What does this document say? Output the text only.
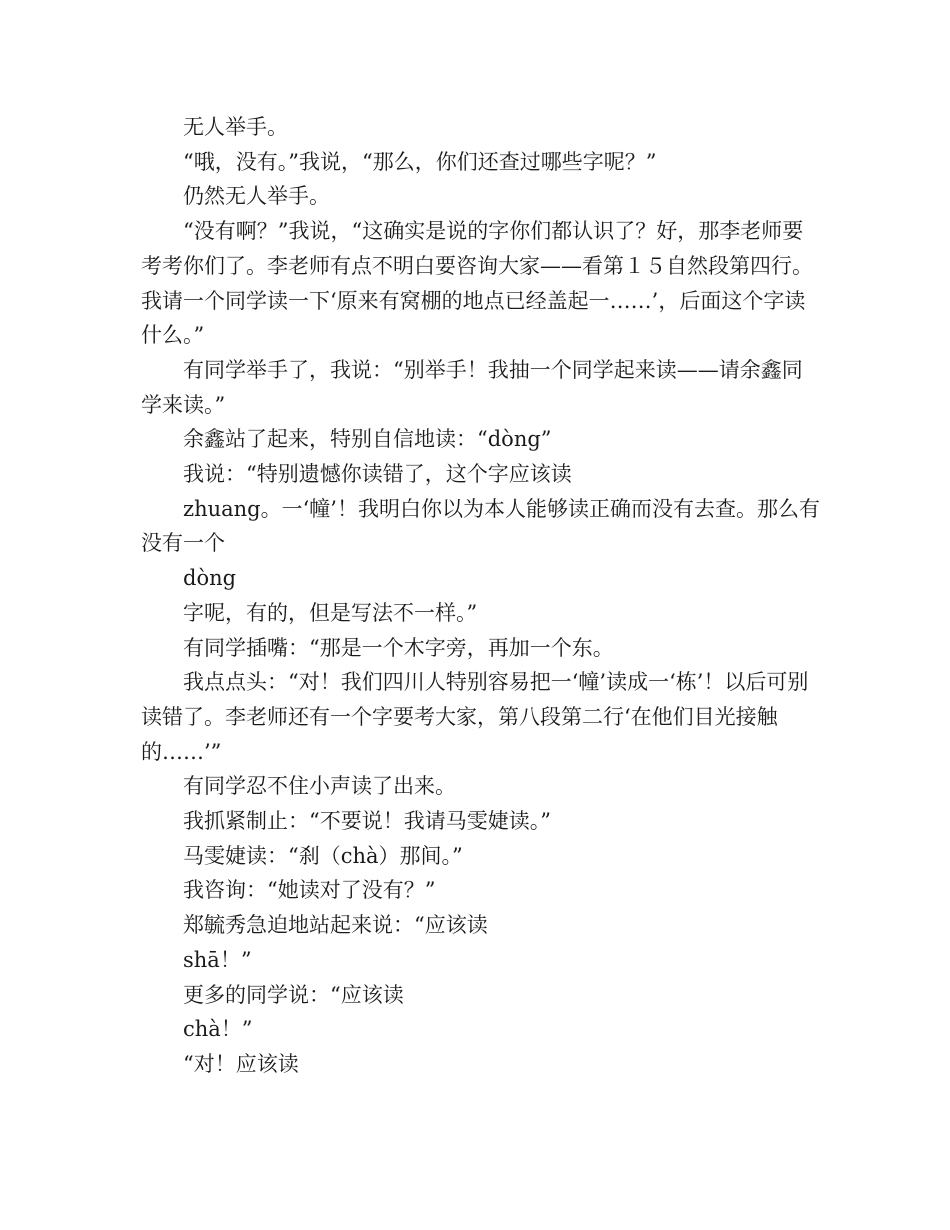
无人举手。

“哦，没有。”我说，“那么，你们还查过哪些字呢？”

仍然无人举手。

“没有啊？”我说，“这确实是说的字你们都认识了？好，那李老师要考考你们了。李老师有点不明白要咨询大家——看第１５自然段第四行。我请一个同学读一下‘原来有窝棚的地点已经盖起一……’，后面这个字读什么。”

有同学举手了，我说：“别举手！我抽一个同学起来读——请余鑫同学来读。”

余鑫站了起来，特别自信地读：“dòng”

我说：“特别遗憾你读错了，这个字应该读

zhuang。一‘幢’！我明白你以为本人能够读正确而没有去查。那么有没有一个

dòng

字呢，有的，但是写法不一样。”

有同学插嘴：“那是一个木字旁，再加一个东。

我点点头：“对！我们四川人特别容易把一‘幢’读成一‘栋’！以后可别读错了。李老师还有一个字要考大家，第八段第二行‘在他们目光接触的……’”

有同学忍不住小声读了出来。

我抓紧制止：“不要说！我请马雯婕读。”

马雯婕读：“刹（chà）那间。”

我咨询：“她读对了没有？”

郑毓秀急迫地站起来说：“应该读

shā！”

更多的同学说：“应该读

chà！”

“对！应该读
